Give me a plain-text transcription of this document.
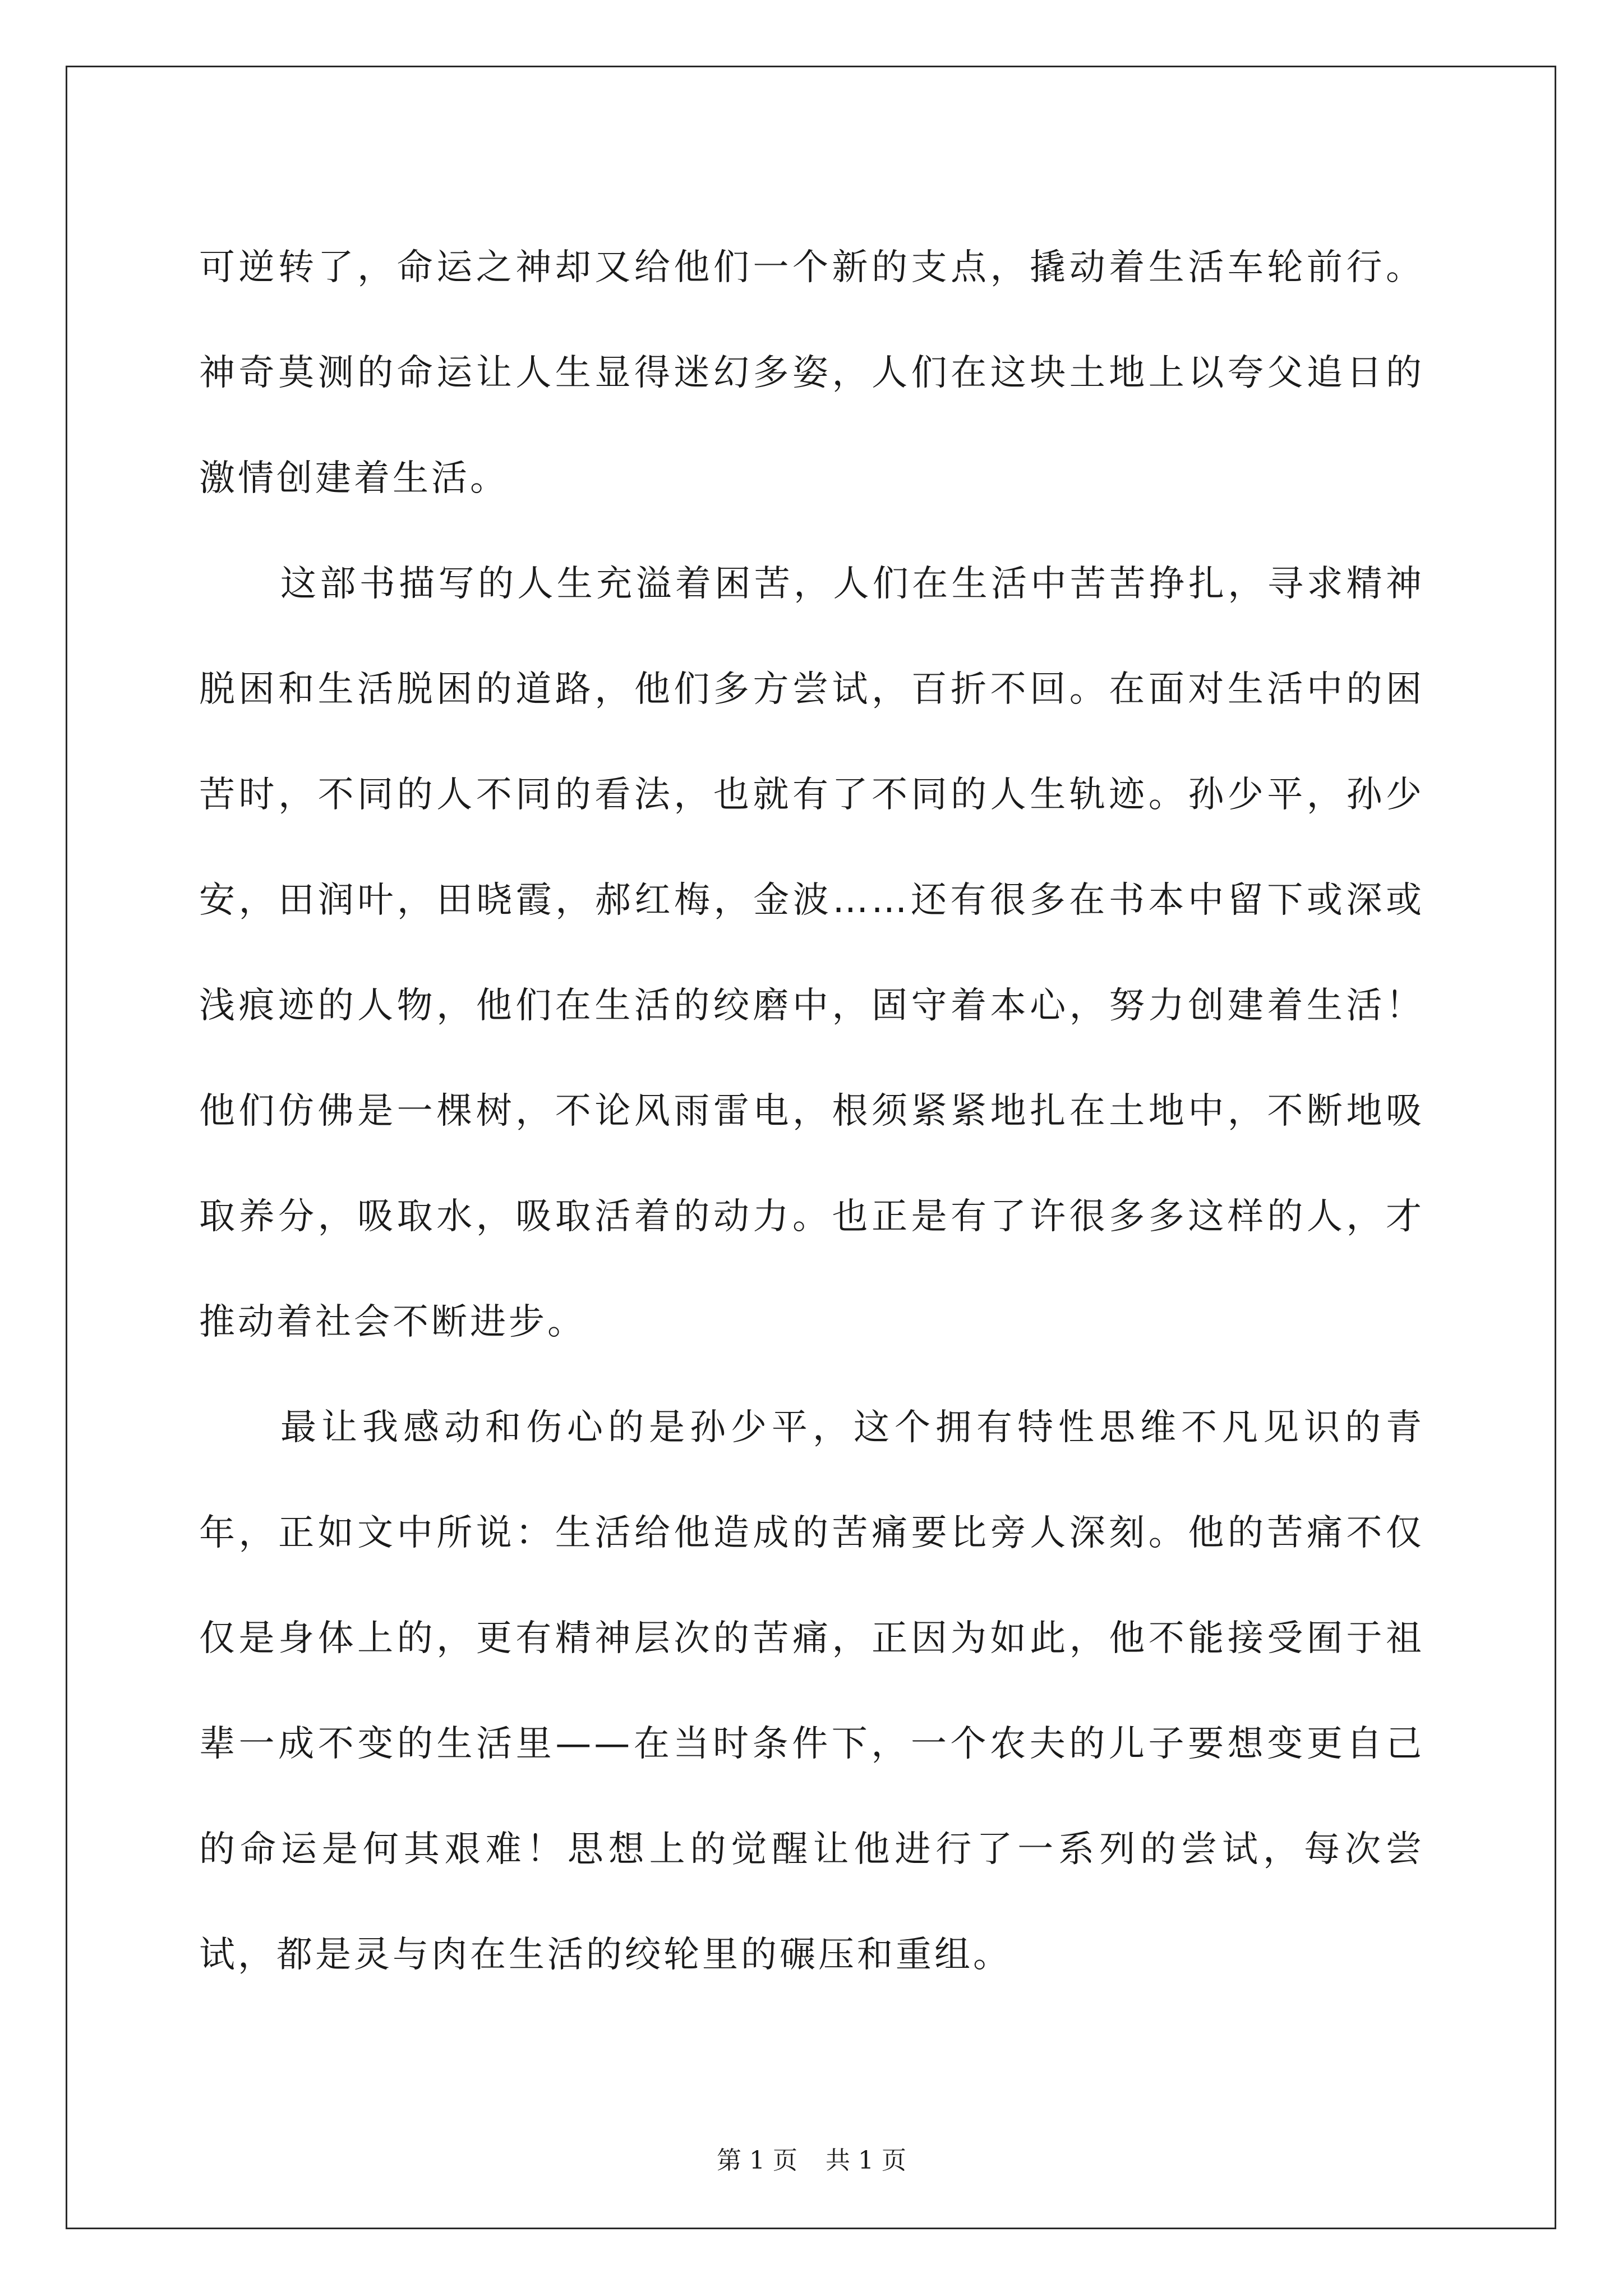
可逆转了，命运之神却又给他们一个新的支点，撬动着生活车轮前行。神奇莫测的命运让人生显得迷幻多姿，人们在这块土地上以夸父追日的激情创建着生活。

这部书描写的人生充溢着困苦，人们在生活中苦苦挣扎，寻求精神脱困和生活脱困的道路，他们多方尝试，百折不回。在面对生活中的困苦时，不同的人不同的看法，也就有了不同的人生轨迹。孙少平，孙少安，田润叶，田晓霞，郝红梅，金波……还有很多在书本中留下或深或浅痕迹的人物，他们在生活的绞磨中，固守着本心，努力创建着生活！他们仿佛是一棵树，不论风雨雷电，根须紧紧地扎在土地中，不断地吸取养分，吸取水，吸取活着的动力。也正是有了许很多多这样的人，才推动着社会不断进步。

最让我感动和伤心的是孙少平，这个拥有特性思维不凡见识的青年，正如文中所说：生活给他造成的苦痛要比旁人深刻。他的苦痛不仅仅是身体上的，更有精神层次的苦痛，正因为如此，他不能接受囿于祖辈一成不变的生活里——在当时条件下，一个农夫的儿子要想变更自己的命运是何其艰难！思想上的觉醒让他进行了一系列的尝试，每次尝试，都是灵与肉在生活的绞轮里的碾压和重组。

第 1 页 共 1 页
